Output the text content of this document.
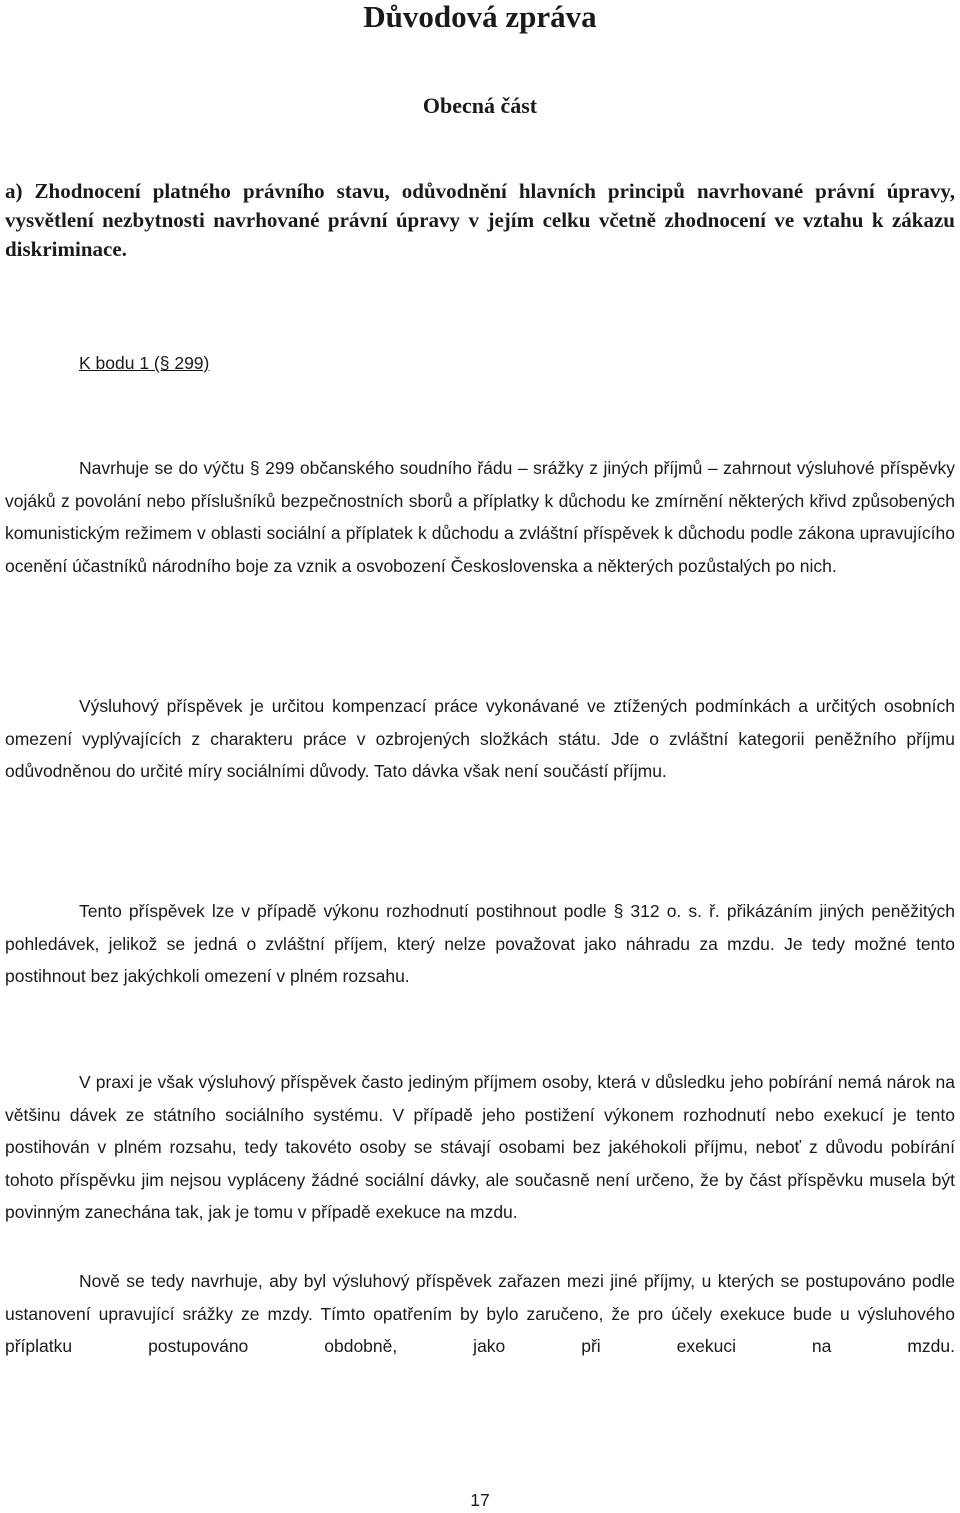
Důvodová zpráva
Obecná část
a) Zhodnocení platného právního stavu, odůvodnění hlavních principů navrhované právní úpravy, vysvětlení nezbytnosti navrhované právní úpravy v jejím celku včetně zhodnocení ve vztahu k zákazu diskriminace.
K bodu 1 (§ 299)

Navrhuje se do výčtu § 299 občanského soudního řádu – srážky z jiných příjmů – zahrnout výsluhové příspěvky vojáků z povolání nebo příslušníků bezpečnostních sborů a příplatky k důchodu ke zmírnění některých křivd způsobených komunistickým režimem v oblasti sociální a příplatek k důchodu a zvláštní příspěvek k důchodu podle zákona upravujícího ocenění účastníků národního boje za vznik a osvobození Československa a některých pozůstalých po nich.

Výsluhový příspěvek je určitou kompenzací práce vykonávané ve ztížených podmínkách a určitých osobních omezení vyplývajících z charakteru práce v ozbrojených složkách státu. Jde o zvláštní kategorii peněžního příjmu odůvodněnou do určité míry sociálními důvody. Tato dávka však není součástí příjmu.

Tento příspěvek lze v případě výkonu rozhodnutí postihnout podle § 312 o. s. ř. přikázáním jiných peněžitých pohledávek, jelikož se jedná o zvláštní příjem, který nelze považovat jako náhradu za mzdu. Je tedy možné tento postihnout bez jakýchkoli omezení v plném rozsahu.

V praxi je však výsluhový příspěvek často jediným příjmem osoby, která v důsledku jeho pobírání nemá nárok na většinu dávek ze státního sociálního systému. V případě jeho postižení výkonem rozhodnutí nebo exekucí je tento postihován v plném rozsahu, tedy takovéto osoby se stávají osobami bez jakéhokoli příjmu, neboť z důvodu pobírání tohoto příspěvku jim nejsou vypláceny žádné sociální dávky, ale současně není určeno, že by část příspěvku musela být povinným zanechána tak, jak je tomu v případě exekuce na mzdu.

Nově se tedy navrhuje, aby byl výsluhový příspěvek zařazen mezi jiné příjmy, u kterých se postupováno podle ustanovení upravující srážky ze mzdy. Tímto opatřením by bylo zaručeno, že pro účely exekuce bude u výsluhového příplatku postupováno obdobně, jako při exekuci na mzdu.

17
